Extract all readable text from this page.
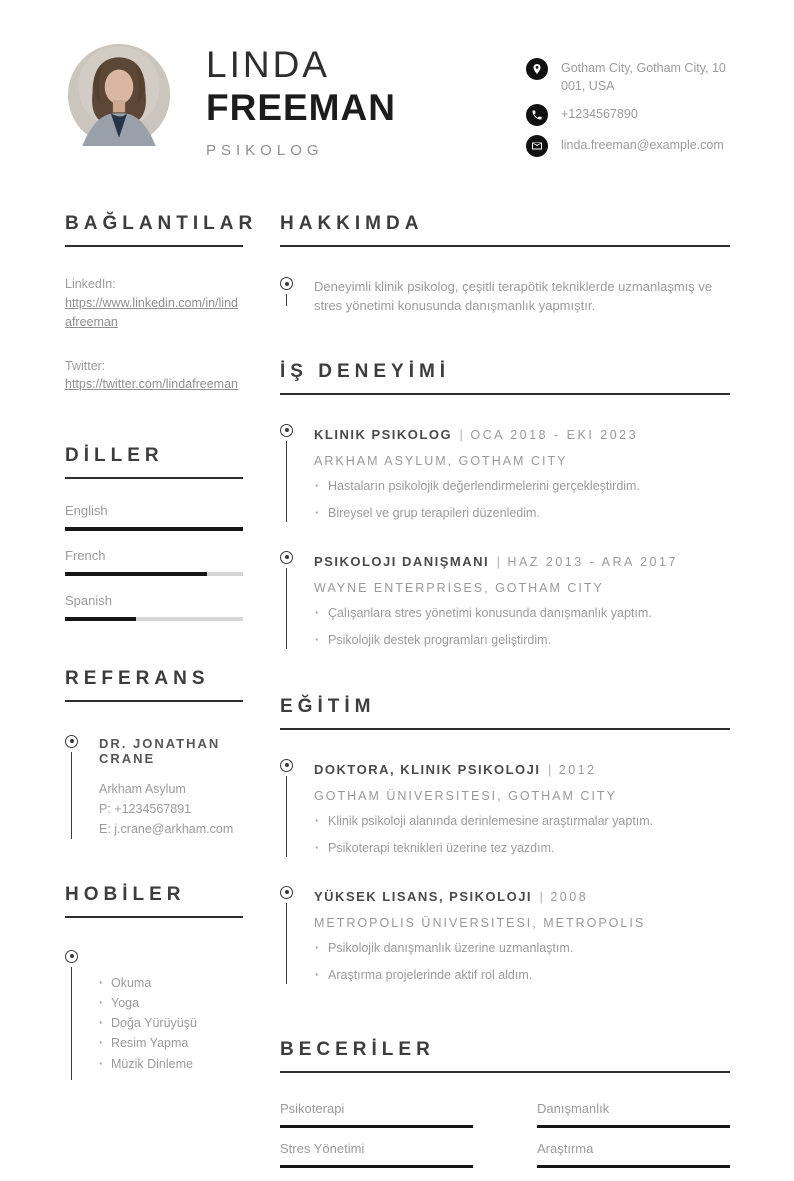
LINDA
FREEMAN
PSIKOLOG
Gotham City, Gotham City, 10001, USA
+1234567890
linda.freeman@example.com
BAĞLANTILAR
LinkedIn:
https://www.linkedin.com/in/lindafreeman
Twitter:
https://twitter.com/lindafreeman
DİLLER
English
French
Spanish
REFERANS
DR. JONATHAN CRANE
Arkham Asylum
P: +1234567891
E: j.crane@arkham.com
HOBİLER
· Okuma
· Yoga
· Doğa Yürüyüşü
· Resim Yapma
· Müzik Dinleme
HAKKIMDA

Deneyimli klinik psikolog, çeşitli terapötik tekniklerde uzmanlaşmış ve stres yönetimi konusunda danışmanlık yapmıştır.

İŞ DENEYİMİ
KLINIK PSIKOLOG | OCA 2018 - EKI 2023
ARKHAM ASYLUM, GOTHAM CITY
· Hastaların psikolojik değerlendirmelerini gerçekleştirdim.
· Bireysel ve grup terapileri düzenledim.
PSIKOLOJI DANIŞMANI | HAZ 2013 - ARA 2017
WAYNE ENTERPRISES, GOTHAM CITY
· Çalışanlara stres yönetimi konusunda danışmanlık yaptım.
· Psikolojik destek programları geliştirdim.
EĞİTİM
DOKTORA, KLINIK PSIKOLOJI | 2012
GOTHAM ÜNIVERSITESI, GOTHAM CITY
· Klinik psikoloji alanında derinlemesine araştırmalar yaptım.
· Psikoterapi teknikleri üzerine tez yazdım.
YÜKSEK LISANS, PSIKOLOJI | 2008
METROPOLIS ÜNIVERSITESI, METROPOLIS
· Psikolojik danışmanlık üzerine uzmanlaştım.
· Araştırma projelerinde aktif rol aldım.
BECERİLER
Psikoterapi	Danışmanlık
Stres Yönetimi	Araştırma
